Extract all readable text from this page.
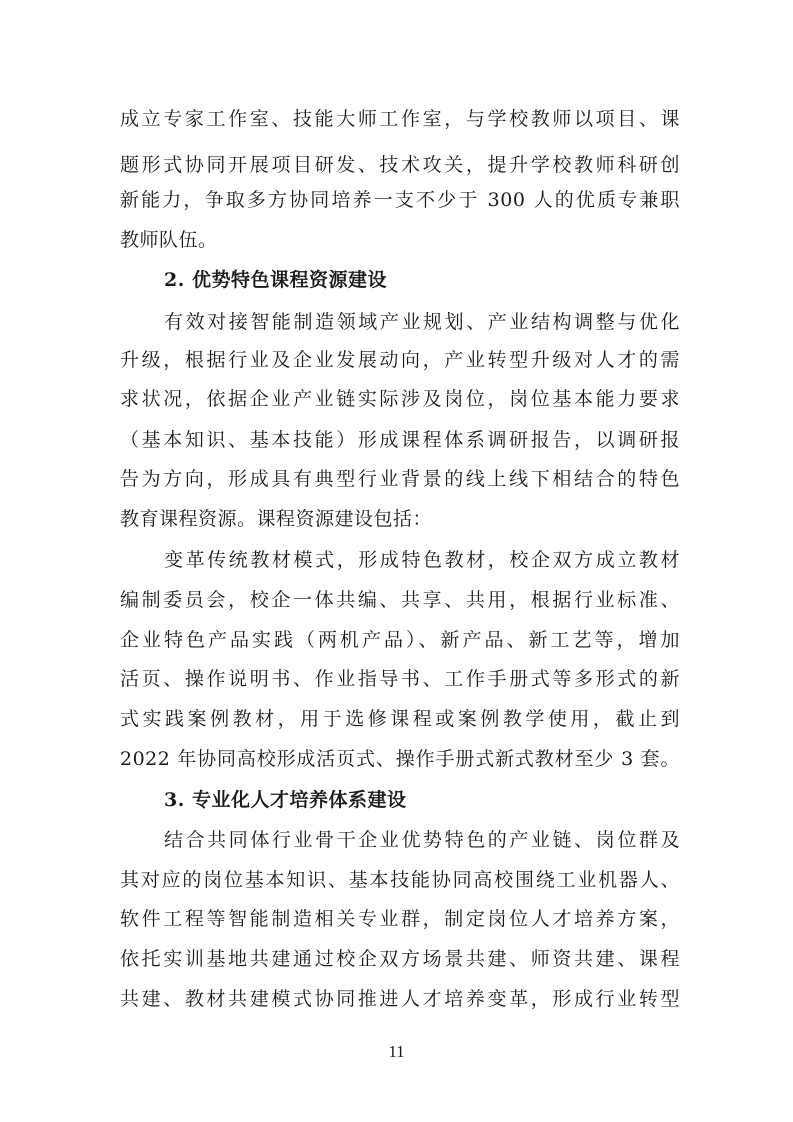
成立专家工作室、技能大师工作室，与学校教师以项目、课
题形式协同开展项目研发、技术攻关，提升学校教师科研创
新能力，争取多方协同培养一支不少于 300 人的优质专兼职
教师队伍。
2. 优势特色课程资源建设
有效对接智能制造领域产业规划、产业结构调整与优化
升级，根据行业及企业发展动向，产业转型升级对人才的需
求状况，依据企业产业链实际涉及岗位，岗位基本能力要求
（基本知识、基本技能）形成课程体系调研报告，以调研报
告为方向，形成具有典型行业背景的线上线下相结合的特色
教育课程资源。课程资源建设包括：
变革传统教材模式，形成特色教材，校企双方成立教材
编制委员会，校企一体共编、共享、共用，根据行业标准、
企业特色产品实践（两机产品）、新产品、新工艺等，增加
活页、操作说明书、作业指导书、工作手册式等多形式的新
式实践案例教材，用于选修课程或案例教学使用，截止到
2022 年协同高校形成活页式、操作手册式新式教材至少 3 套。
3. 专业化人才培养体系建设
结合共同体行业骨干企业优势特色的产业链、岗位群及
其对应的岗位基本知识、基本技能协同高校围绕工业机器人、
软件工程等智能制造相关专业群，制定岗位人才培养方案，
依托实训基地共建通过校企双方场景共建、师资共建、课程
共建、教材共建模式协同推进人才培养变革，形成行业转型
11
